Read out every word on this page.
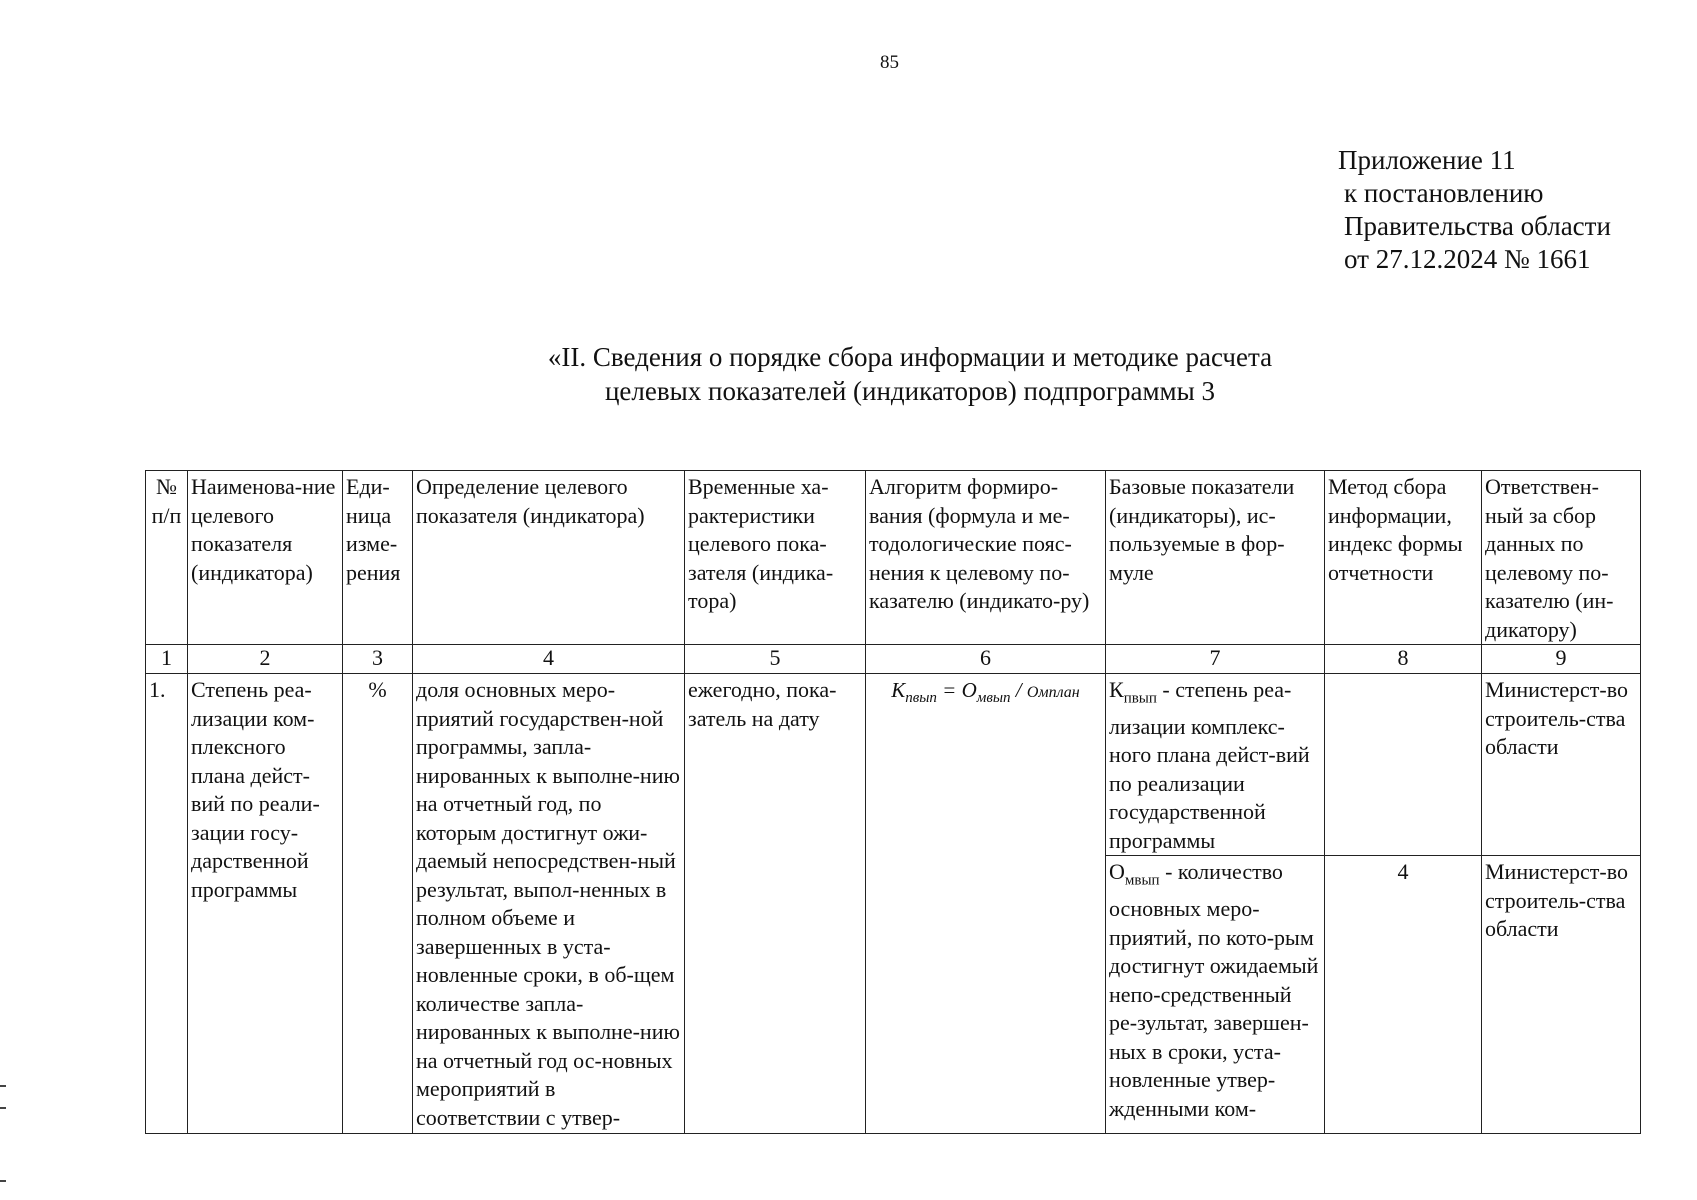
85
Приложение 11
к постановлению
Правительства области
от 27.12.2024 № 1661
«II. Сведения о порядке сбора информации и методике расчета
целевых показателей (индикаторов) подпрограммы 3
№ п/п	Наименова-ние целевого показателя (индикатора)	Еди-ница изме-рения	Определение целевого показателя (индикатора)	Временные ха-рактеристики целевого пока-зателя (индика-тора)	Алгоритм формиро-вания (формула и ме-тодологические пояс-нения к целевому по-казателю (индикато-ру)	Базовые показатели (индикаторы), ис-пользуемые в фор-муле	Метод сбора информации, индекс формы отчетности	Ответствен-ный за сбор данных по целевому по-казателю (ин-дикатору)
1	2	3	4	5	6	7	8	9
1.	Степень реа-лизации ком-плексного плана дейст-вий по реали-зации госу-дарственной программы	%	доля основных меро-приятий государствен-ной программы, запла-нированных к выполне-нию на отчетный год, по которым достигнут ожи-даемый непосредствен-ный результат, выпол-ненных в полном объеме и завершенных в уста-новленные сроки, в об-щем количестве запла-нированных к выполне-нию на отчетный год ос-новных мероприятий в соответствии с утвер-	ежегодно, пока-затель на дату	$К_{пвып} = О_{мвып}$ / Омплан	$К_{пвып}$ - степень реа-лизации комплекс-ного плана дейст-вий по реализации государственной программы		Министерст-во строитель-ства области
						$О_{мвып}$ - количество основных меро-приятий, по кото-рым достигнут ожидаемый непо-средственный ре-зультат, завершен-ных в сроки, уста-новленные утвер-жденными ком-	4	Министерст-во строитель-ства области
